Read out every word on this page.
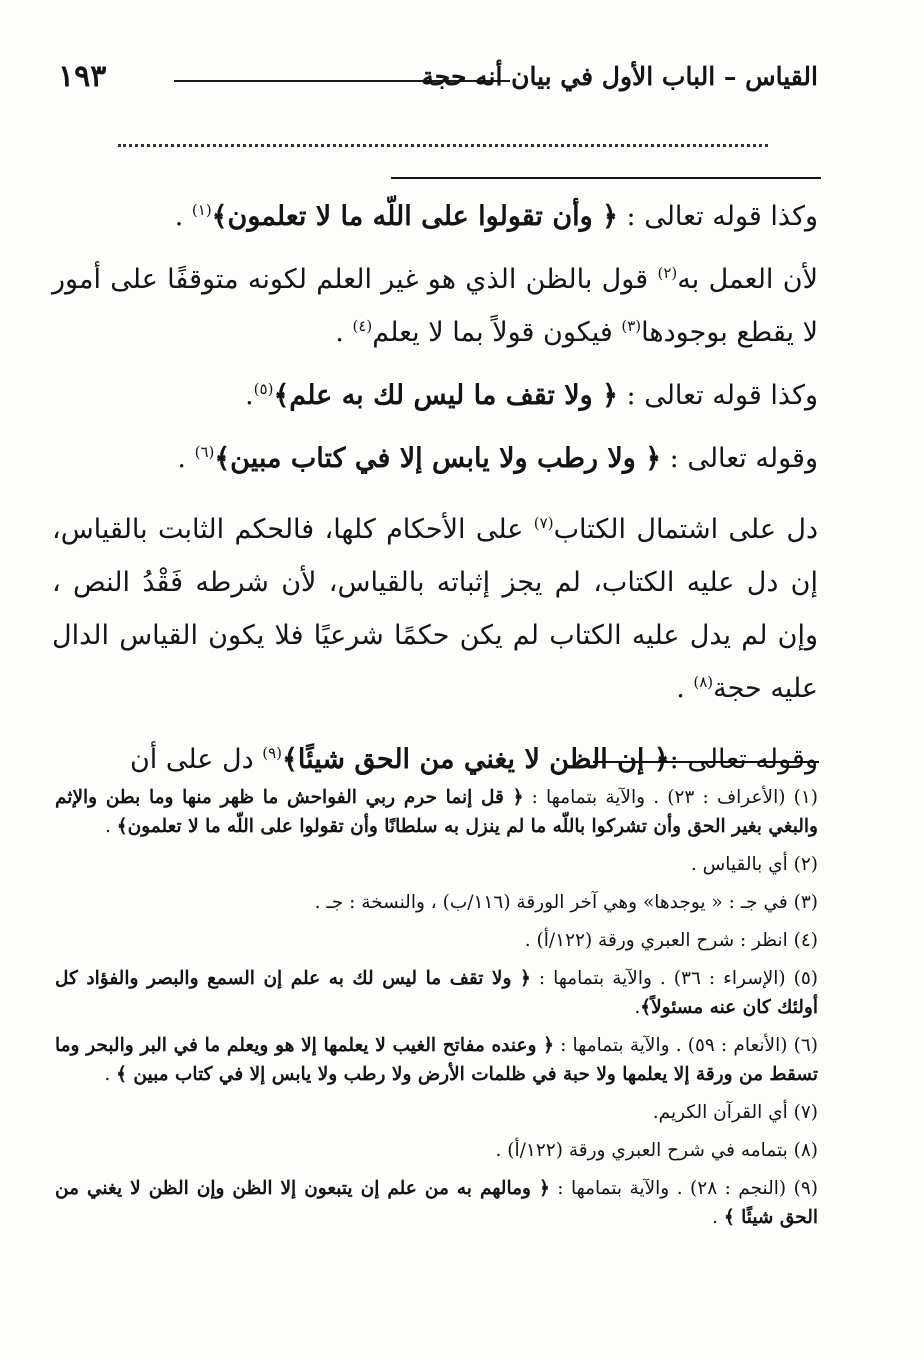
١٩٣	القياس – الباب الأول في بيان أنه حجة

وكذا قوله تعالى : ﴿ وأن تقولوا على اللّه ما لا تعلمون﴾$^{(١)}$ .

لأن العمل به$^{(٢)}$ قول بالظن الذي هو غير العلم لكونه متوقفًا على أمور لا يقطع بوجودها$^{(٣)}$ فيكون قولاً بما لا يعلم$^{(٤)}$ .

وكذا قوله تعالى : ﴿ ولا تقف ما ليس لك به علم﴾$^{(٥)}$.

وقوله تعالى : ﴿ ولا رطب ولا يابس إلا في كتاب مبين﴾$^{(٦)}$ .

دل على اشتمال الكتاب$^{(٧)}$ على الأحكام كلها، فالحكم الثابت بالقياس، إن دل عليه الكتاب، لم يجز إثباته بالقياس، لأن شرطه فَقْدُ النص ، وإن لم يدل عليه الكتاب لم يكن حكمًا شرعيًا فلا يكون القياس الدال عليه حجة$^{(٨)}$ .

وقوله تعالى :﴿ إن الظن لا يغني من الحق شيئًا﴾$^{(٩)}$ دل على أن

(١) (الأعراف : ٢٣) . والآية بتمامها : ﴿ قل إنما حرم ربي الفواحش ما ظهر منها وما بطن والإثم والبغي بغير الحق وأن تشركوا باللّه ما لم ينزل به سلطانًا وأن تقولوا على اللّه ما لا تعلمون﴾ .

(٢) أي بالقياس .

(٣) في جـ : « يوجدها» وهي آخر الورقة (١١٦/ب) ، والنسخة : جـ .

(٤) انظر : شرح العبري ورقة (١٢٢/أ) .

(٥) (الإسراء : ٣٦) . والآية بتمامها : ﴿ ولا تقف ما ليس لك به علم إن السمع والبصر والفؤاد كل أولئك كان عنه مسئولاً﴾.

(٦) (الأنعام : ٥٩) . والآية بتمامها : ﴿ وعنده مفاتح الغيب لا يعلمها إلا هو ويعلم ما في البر والبحر وما تسقط من ورقة إلا يعلمها ولا حبة في ظلمات الأرض ولا رطب ولا يابس إلا في كتاب مبين ﴾ .

(٧) أي القرآن الكريم.

(٨) بتمامه في شرح العبري ورقة (١٢٢/أ) .

(٩) (النجم : ٢٨) . والآية بتمامها : ﴿ ومالهم به من علم إن يتبعون إلا الظن وإن الظن لا يغني من الحق شيئًا ﴾ .
